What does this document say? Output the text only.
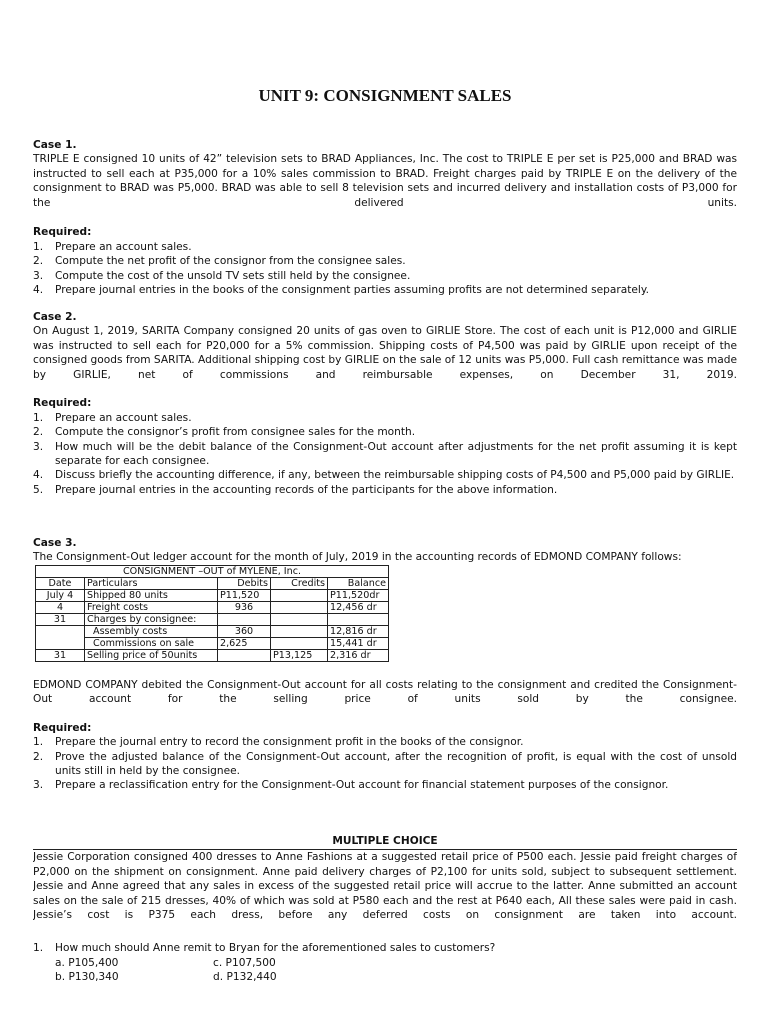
UNIT 9: CONSIGNMENT SALES
Case 1.
TRIPLE E consigned 10 units of 42” television sets to BRAD Appliances, Inc. The cost to TRIPLE E per set is P25,000 and BRAD was instructed to sell each at P35,000 for a 10% sales commission to BRAD. Freight charges paid by TRIPLE E on the delivery of the consignment to BRAD was P5,000. BRAD was able to sell 8 television sets and incurred delivery and installation costs of P3,000 for the delivered units.
Required:
1. Prepare an account sales.
2. Compute the net profit of the consignor from the consignee sales.
3. Compute the cost of the unsold TV sets still held by the consignee.
4. Prepare journal entries in the books of the consignment parties assuming profits are not determined separately.
Case 2.
On August 1, 2019, SARITA Company consigned 20 units of gas oven to GIRLIE Store. The cost of each unit is P12,000 and GIRLIE was instructed to sell each for P20,000 for a 5% commission. Shipping costs of P4,500 was paid by GIRLIE upon receipt of the consigned goods from SARITA. Additional shipping cost by GIRLIE on the sale of 12 units was P5,000. Full cash remittance was made by GIRLIE, net of commissions and reimbursable expenses, on December 31, 2019.
Required:
1. Prepare an account sales.
2. Compute the consignor’s profit from consignee sales for the month.
3. How much will be the debit balance of the Consignment-Out account after adjustments for the net profit assuming it is kept separate for each consignee.
4. Discuss briefly the accounting difference, if any, between the reimbursable shipping costs of P4,500 and P5,000 paid by GIRLIE.
5. Prepare journal entries in the accounting records of the participants for the above information.
Case 3.
The Consignment-Out ledger account for the month of July, 2019 in the accounting records of EDMOND COMPANY follows:
CONSIGNMENT –OUT of MYLENE, Inc.				
Date	Particulars	Debits	Credits	Balance
July 4	Shipped 80 units	P11,520		P11,520dr
4	Freight costs	936		12,456 dr
31	Charges by consignee:			
	Assembly costs	360		12,816 dr
	Commissions on sale	2,625		15,441 dr
31	Selling price of 50units		P13,125	2,316 dr
EDMOND COMPANY debited the Consignment-Out account for all costs relating to the consignment and credited the Consignment-Out account for the selling price of units sold by the consignee.
Required:
1. Prepare the journal entry to record the consignment profit in the books of the consignor.
2. Prove the adjusted balance of the Consignment-Out account, after the recognition of profit, is equal with the cost of unsold units still in held by the consignee.
3. Prepare a reclassification entry for the Consignment-Out account for financial statement purposes of the consignor.
MULTIPLE CHOICE
Jessie Corporation consigned 400 dresses to Anne Fashions at a suggested retail price of P500 each. Jessie paid freight charges of P2,000 on the shipment on consignment. Anne paid delivery charges of P2,100 for units sold, subject to subsequent settlement. Jessie and Anne agreed that any sales in excess of the suggested retail price will accrue to the latter. Anne submitted an account sales on the sale of 215 dresses, 40% of which was sold at P580 each and the rest at P640 each, All these sales were paid in cash. Jessie’s cost is P375 each dress, before any deferred costs on consignment are taken into account.
1. How much should Anne remit to Bryan for the aforementioned sales to customers?
a. P105,400	c. P107,500
b. P130,340	d. P132,440
